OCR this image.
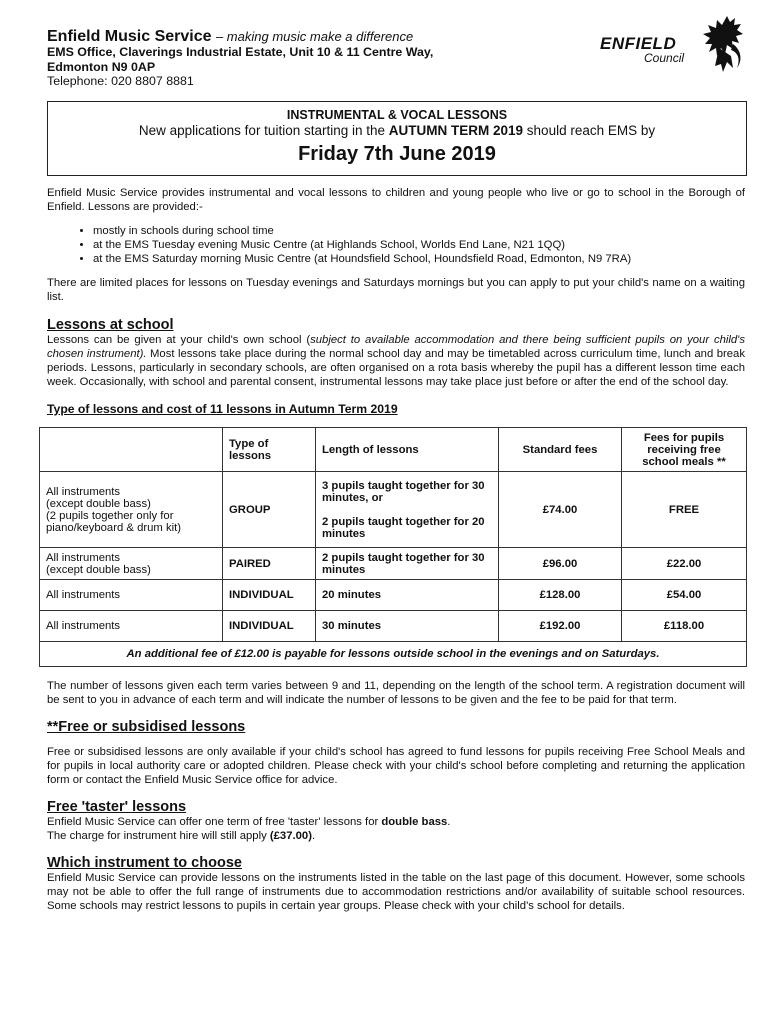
Enfield Music Service – making music make a difference
EMS Office, Claverings Industrial Estate, Unit 10 & 11 Centre Way,
Edmonton N9 0AP
Telephone: 020 8807 8881
ENFIELD
Council
INSTRUMENTAL & VOCAL LESSONS
New applications for tuition starting in the AUTUMN TERM 2019 should reach EMS by
Friday 7th June 2019

Enfield Music Service provides instrumental and vocal lessons to children and young people who live or go to school in the Borough of Enfield. Lessons are provided:-

• mostly in schools during school time
• at the EMS Tuesday evening Music Centre (at Highlands School, Worlds End Lane, N21 1QQ)
• at the EMS Saturday morning Music Centre (at Houndsfield School, Houndsfield Road, Edmonton, N9 7RA)

There are limited places for lessons on Tuesday evenings and Saturdays mornings but you can apply to put your child's name on a waiting list.

Lessons at school

Lessons can be given at your child's own school (subject to available accommodation and there being sufficient pupils on your child's chosen instrument). Most lessons take place during the normal school day and may be timetabled across curriculum time, lunch and break periods. Lessons, particularly in secondary schools, are often organised on a rota basis whereby the pupil has a different lesson time each week. Occasionally, with school and parental consent, instrumental lessons may take place just before or after the end of the school day.

Type of lessons and cost of 11 lessons in Autumn Term 2019
	Type of lessons	Length of lessons	Standard fees	Fees for pupils receiving free school meals **
All instruments
(except double bass)
(2 pupils together only for piano/keyboard & drum kit)	GROUP	3 pupils taught together for 30 minutes, or

2 pupils taught together for 20 minutes	£74.00	FREE
All instruments
(except double bass)	PAIRED	2 pupils taught together for 30 minutes	£96.00	£22.00
All instruments	INDIVIDUAL	20 minutes	£128.00	£54.00
All instruments	INDIVIDUAL	30 minutes	£192.00	£118.00
An additional fee of £12.00 is payable for lessons outside school in the evenings and on Saturdays.				

The number of lessons given each term varies between 9 and 11, depending on the length of the school term. A registration document will be sent to you in advance of each term and will indicate the number of lessons to be given and the fee to be paid for that term.

**Free or subsidised lessons

Free or subsidised lessons are only available if your child's school has agreed to fund lessons for pupils receiving Free School Meals and for pupils in local authority care or adopted children. Please check with your child's school before completing and returning the application form or contact the Enfield Music Service office for advice.

Free 'taster' lessons

Enfield Music Service can offer one term of free 'taster' lessons for double bass.

The charge for instrument hire will still apply (£37.00).

Which instrument to choose

Enfield Music Service can provide lessons on the instruments listed in the table on the last page of this document. However, some schools may not be able to offer the full range of instruments due to accommodation restrictions and/or availability of suitable school resources. Some schools may restrict lessons to pupils in certain year groups. Please check with your child's school for details.
